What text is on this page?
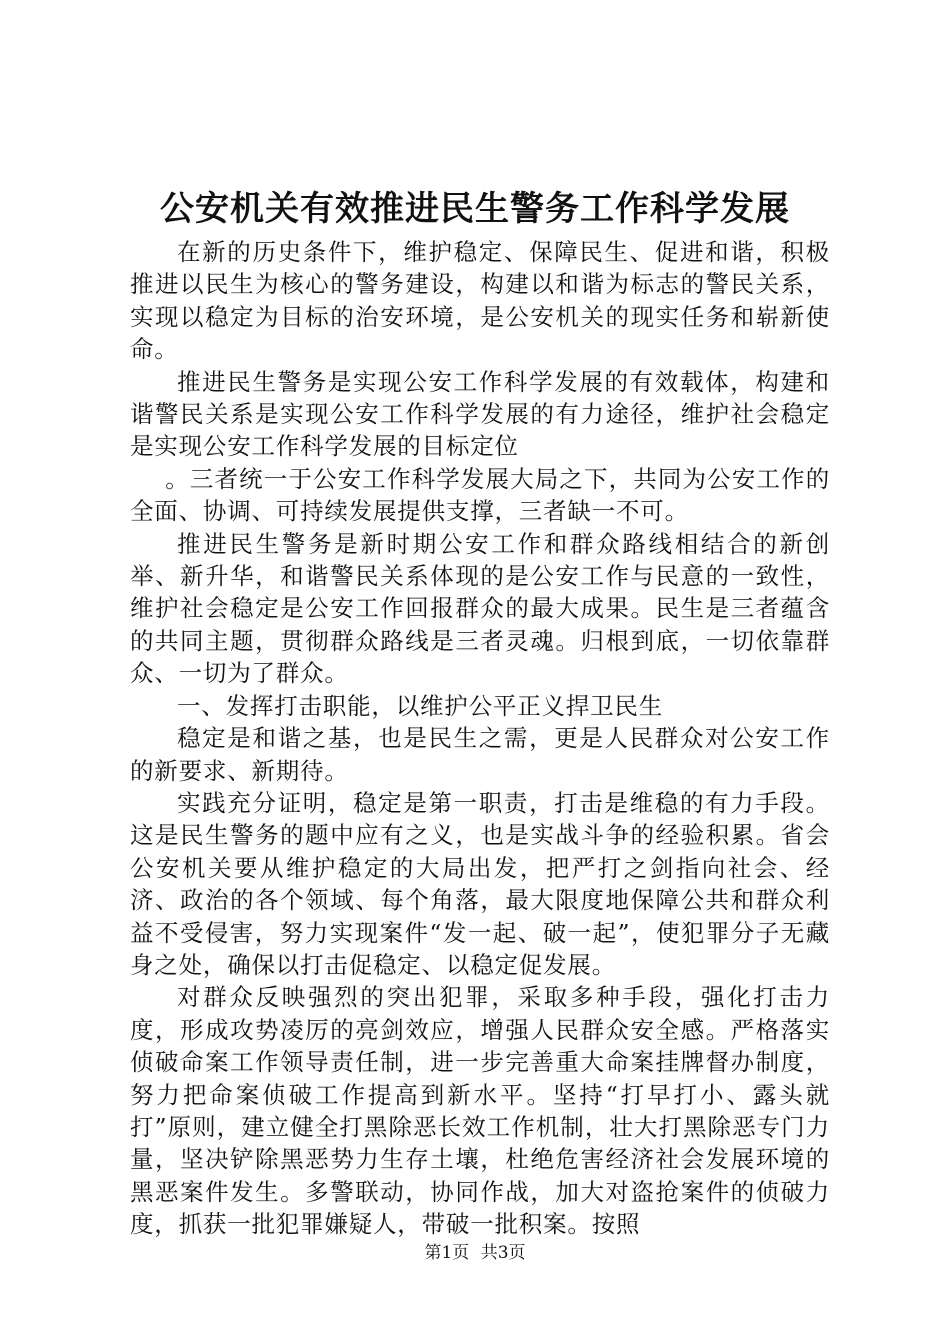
公安机关有效推进民生警务工作科学发展

在新的历史条件下，维护稳定、保障民生、促进和谐，积极推进以民生为核心的警务建设，构建以和谐为标志的警民关系，实现以稳定为目标的治安环境，是公安机关的现实任务和崭新使命。

推进民生警务是实现公安工作科学发展的有效载体，构建和谐警民关系是实现公安工作科学发展的有力途径，维护社会稳定是实现公安工作科学发展的目标定位

。三者统一于公安工作科学发展大局之下，共同为公安工作的全面、协调、可持续发展提供支撑，三者缺一不可。

推进民生警务是新时期公安工作和群众路线相结合的新创举、新升华，和谐警民关系体现的是公安工作与民意的一致性，维护社会稳定是公安工作回报群众的最大成果。民生是三者蕴含的共同主题，贯彻群众路线是三者灵魂。归根到底，一切依靠群众、一切为了群众。

一、发挥打击职能，以维护公平正义捍卫民生

稳定是和谐之基，也是民生之需，更是人民群众对公安工作的新要求、新期待。

实践充分证明，稳定是第一职责，打击是维稳的有力手段。这是民生警务的题中应有之义，也是实战斗争的经验积累。省会公安机关要从维护稳定的大局出发，把严打之剑指向社会、经济、政治的各个领域、每个角落，最大限度地保障公共和群众利益不受侵害，努力实现案件“发一起、破一起”，使犯罪分子无藏身之处，确保以打击促稳定、以稳定促发展。

对群众反映强烈的突出犯罪，采取多种手段，强化打击力度，形成攻势凌厉的亮剑效应，增强人民群众安全感。严格落实侦破命案工作领导责任制，进一步完善重大命案挂牌督办制度，努力把命案侦破工作提高到新水平。坚持“打早打小、露头就打”原则，建立健全打黑除恶长效工作机制，壮大打黑除恶专门力量，坚决铲除黑恶势力生存土壤，杜绝危害经济社会发展环境的黑恶案件发生。多警联动，协同作战，加大对盗抢案件的侦破力度，抓获一批犯罪嫌疑人，带破一批积案。按照

第1页 共3页
